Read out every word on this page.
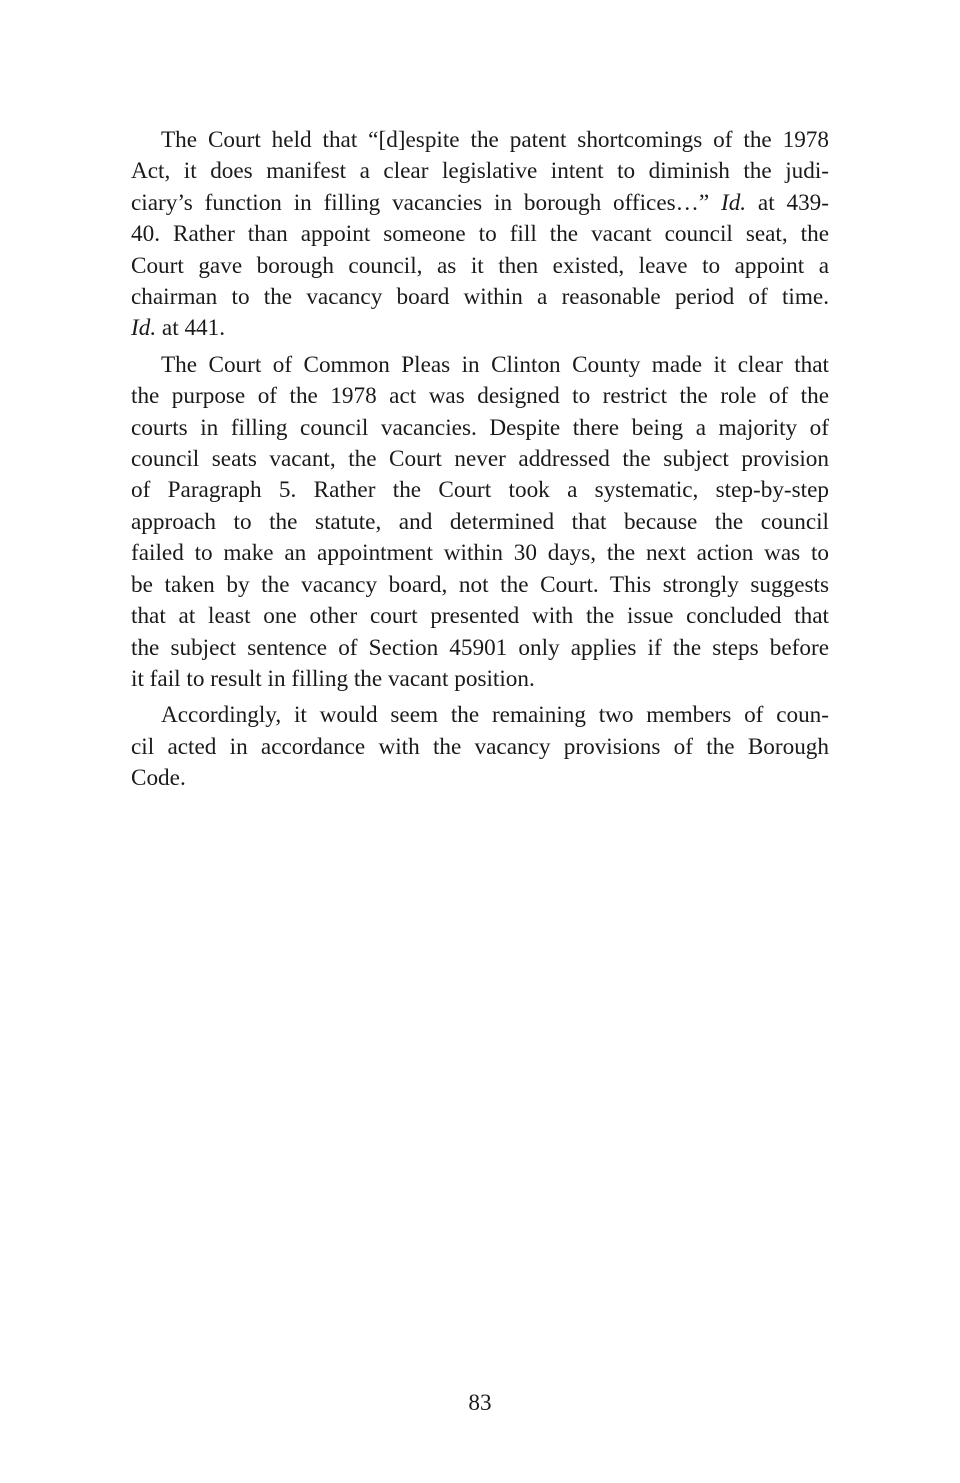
The Court held that “[d]espite the patent shortcomings of the 1978
Act, it does manifest a clear legislative intent to diminish the judi-
ciary’s function in filling vacancies in borough offices…” Id. at 439-
40. Rather than appoint someone to fill the vacant council seat, the
Court gave borough council, as it then existed, leave to appoint a
chairman to the vacancy board within a reasonable period of time.
Id. at 441.
The Court of Common Pleas in Clinton County made it clear that
the purpose of the 1978 act was designed to restrict the role of the
courts in filling council vacancies. Despite there being a majority of
council seats vacant, the Court never addressed the subject provision
of Paragraph 5. Rather the Court took a systematic, step-by-step
approach to the statute, and determined that because the council
failed to make an appointment within 30 days, the next action was to
be taken by the vacancy board, not the Court. This strongly suggests
that at least one other court presented with the issue concluded that
the subject sentence of Section 45901 only applies if the steps before
it fail to result in filling the vacant position.
Accordingly, it would seem the remaining two members of coun-
cil acted in accordance with the vacancy provisions of the Borough
Code.
83
